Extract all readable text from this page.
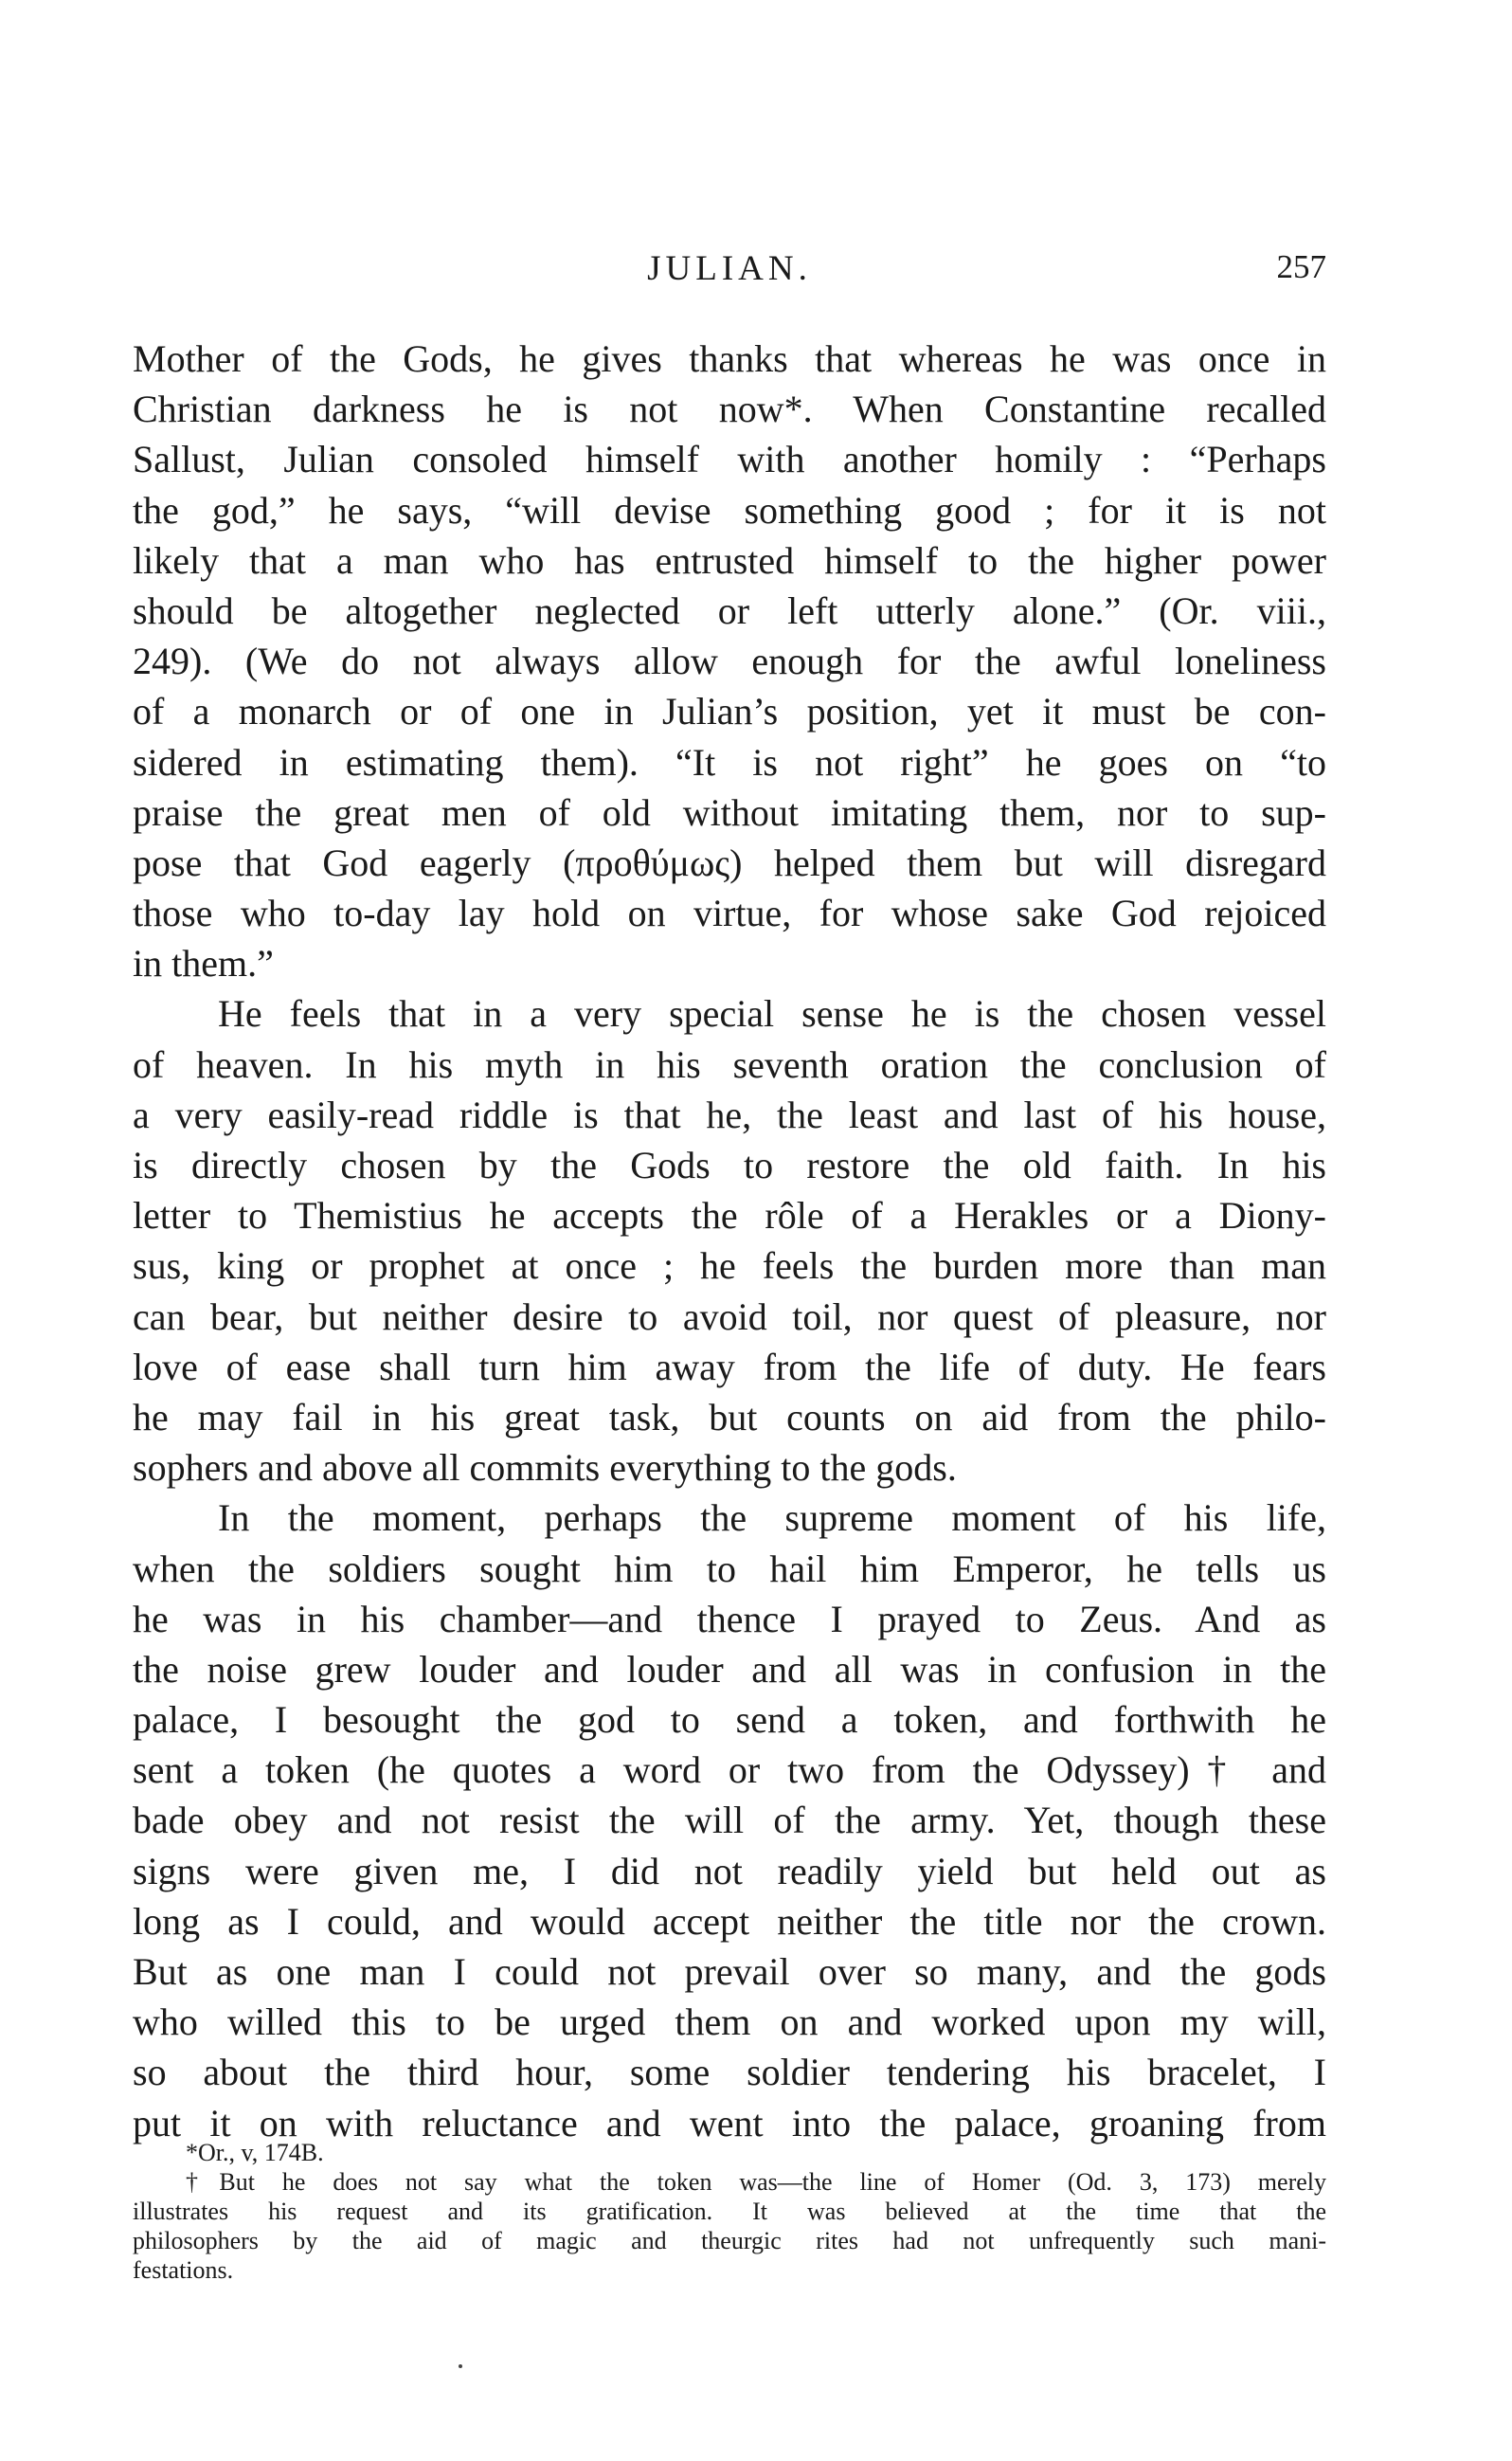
JULIAN.	257
Mother of the Gods, he gives thanks that whereas he was once in
Christian darkness he is not now*. When Constantine recalled
Sallust, Julian consoled himself with another homily : “Perhaps
the god,” he says, “will devise something good ; for it is not
likely that a man who has entrusted himself to the higher power
should be altogether neglected or left utterly alone.” (Or. viii.,
249). (We do not always allow enough for the awful loneliness
of a monarch or of one in Julian’s position, yet it must be con-
sidered in estimating them). “It is not right” he goes on “to
praise the great men of old without imitating them, nor to sup-
pose that God eagerly (προθύμως) helped them but will disregard
those who to-day lay hold on virtue, for whose sake God rejoiced
in them.”
He feels that in a very special sense he is the chosen vessel
of heaven. In his myth in his seventh oration the conclusion of
a very easily-read riddle is that he, the least and last of his house,
is directly chosen by the Gods to restore the old faith. In his
letter to Themistius he accepts the rôle of a Herakles or a Diony-
sus, king or prophet at once ; he feels the burden more than man
can bear, but neither desire to avoid toil, nor quest of pleasure, nor
love of ease shall turn him away from the life of duty. He fears
he may fail in his great task, but counts on aid from the philo-
sophers and above all commits everything to the gods.
In the moment, perhaps the supreme moment of his life,
when the soldiers sought him to hail him Emperor, he tells us
he was in his chamber—and thence I prayed to Zeus. And as
the noise grew louder and louder and all was in confusion in the
palace, I besought the god to send a token, and forthwith he
sent a token (he quotes a word or two from the Odyssey)† and
bade obey and not resist the will of the army. Yet, though these
signs were given me, I did not readily yield but held out as
long as I could, and would accept neither the title nor the crown.
But as one man I could not prevail over so many, and the gods
who willed this to be urged them on and worked upon my will,
so about the third hour, some soldier tendering his bracelet, I
put it on with reluctance and went into the palace, groaning from
*Or., v, 174B.
†But he does not say what the token was—the line of Homer (Od. 3, 173) merely
illustrates his request and its gratification. It was believed at the time that the
philosophers by the aid of magic and theurgic rites had not unfrequently such mani-
festations.
